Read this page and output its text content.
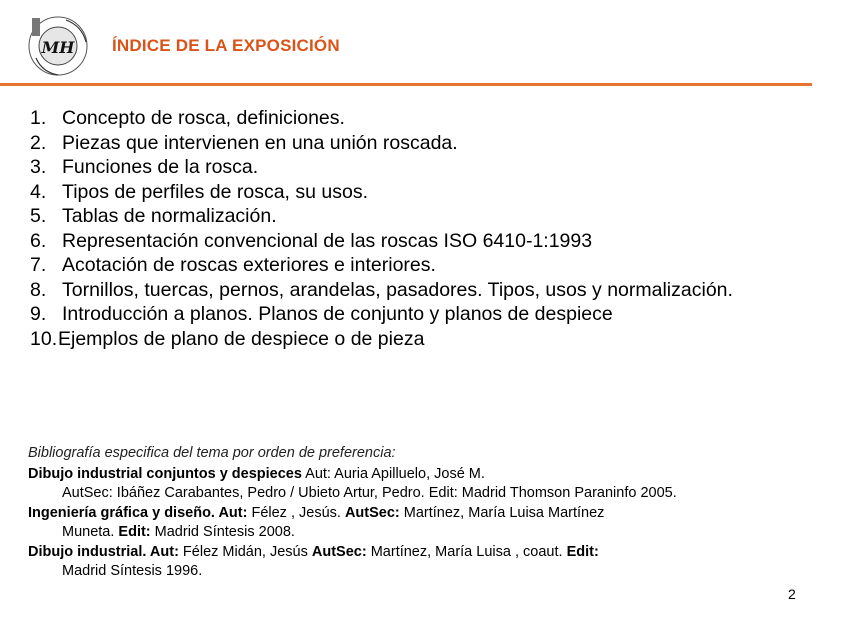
MH ÍNDICE DE LA EXPOSICIÓN
1. Concepto de rosca, definiciones.
2. Piezas que intervienen en una unión roscada.
3. Funciones de la rosca.
4. Tipos de perfiles de rosca, su usos.
5. Tablas de normalización.
6. Representación convencional de las roscas ISO 6410-1:1993
7. Acotación de roscas exteriores e interiores.
8. Tornillos, tuercas, pernos, arandelas, pasadores. Tipos, usos y normalización.
9. Introducción a planos. Planos de conjunto y planos de despiece
10. Ejemplos de plano de despiece o de pieza
Bibliografía especifica del tema por orden de preferencia:
Dibujo industrial conjuntos y despieces Aut: Auria Apilluelo, José M.
AutSec: Ibáñez Carabantes, Pedro / Ubieto Artur, Pedro. Edit: Madrid Thomson Paraninfo 2005.
Ingeniería gráfica y diseño. Aut: Félez , Jesús. AutSec: Martínez, María Luisa Martínez
Muneta. Edit: Madrid Síntesis 2008.
Dibujo industrial. Aut: Félez Midán, Jesús AutSec: Martínez, María Luisa , coaut. Edit:
Madrid Síntesis 1996.
2
